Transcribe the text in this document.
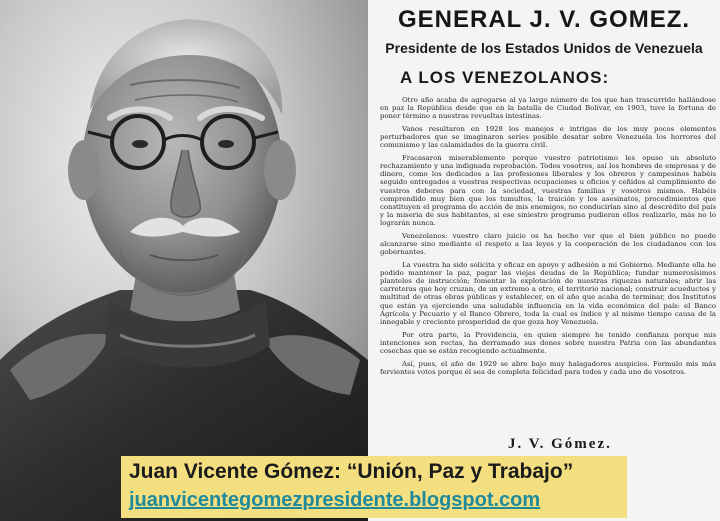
GENERAL J. V. GOMEZ.
Presidente de los Estados Unidos de Venezuela
A LOS VENEZOLANOS:

Otro año acaba de agregarse al ya largo número de los que han trascurrido hallándose en paz la República desde que en la batalla de Ciudad Bolívar, en 1903, tuve la fortuna de poner término a nuestras revueltas intestinas.

Vanos resultaron en 1928 los manejos e intrigas de los muy pocos elementos perturbadores que se imaginaron seríes posible desatar sobre Venezuela los horrores del comunismo y las calamidades de la guerra civil.

Fracasaron miserablemente porque vuestro patriotismo les opuso un absoluto rechazamiento y una indignada reprobación. Todos vosotros, así los hombres de empresas y de dinero, como los dedicados a las profesiones liberales y los obreros y campesinos habéis seguido entregados a vuestras respectivas ocupaciones u oficios y ceñidos al cumplimiento de vuestros deberes para con la sociedad, vuestras familias y vosotros mismos. Habéis comprendido muy bien que los tumultos, la traición y los asesinatos, procedimientos que constituyen el programa de acción de mis enemigos, no conducirían sino al descrédito del país y la miseria de sus habitantes, si ese siniestro programa pudieran ellos realizarlo, más no lo lograrán nunca.

Venezolanos: vuestro claro juicio os ha hecho ver que el bien público no puede alcanzarse sino mediante el respeto a las leyes y la cooperación de los ciudadanos con los gobernantes.

La vuestra ha sido solícita y eficaz en apoyo y adhesión a mi Gobierno. Mediante ella he podido mantener la paz, pagar las viejas deudas de la República; fundar numerosísimos planteles de instrucción; fomentar la explotación de nuestras riquezas naturales; abrir las carreteras que hoy cruzan, de un extremo a otro, el territorio nacional; construir acueductos y multitud de otras obras públicas y establecer, en el año que acaba de terminar, dos Institutos que están ya ejerciendo una saludable influencia en la vida económica del país: el Banco Agrícola y Pecuario y el Banco Obrero, toda la cual es índice y al mismo tiempo causa de la innegable y creciente prosperidad de que goza hoy Venezuela.

Por otra parte, la Providencia, en quien siempre he tenido confianza porque mis intenciones son rectas, ha derramado sus dones sobre nuestra Patria con las abundantes cosechas que se están recogiendo actualmente.

Así, pues, el año de 1929 se abre bajo muy halagadores auspicios. Formulo mis más fervientes votos porque él sea de completa felicidad para todos y cada uno de vosotros.

J. V. Gómez.
Juan Vicente Gómez: “Unión, Paz y Trabajo”
juanvicentegomezpresidente.blogspot.com
